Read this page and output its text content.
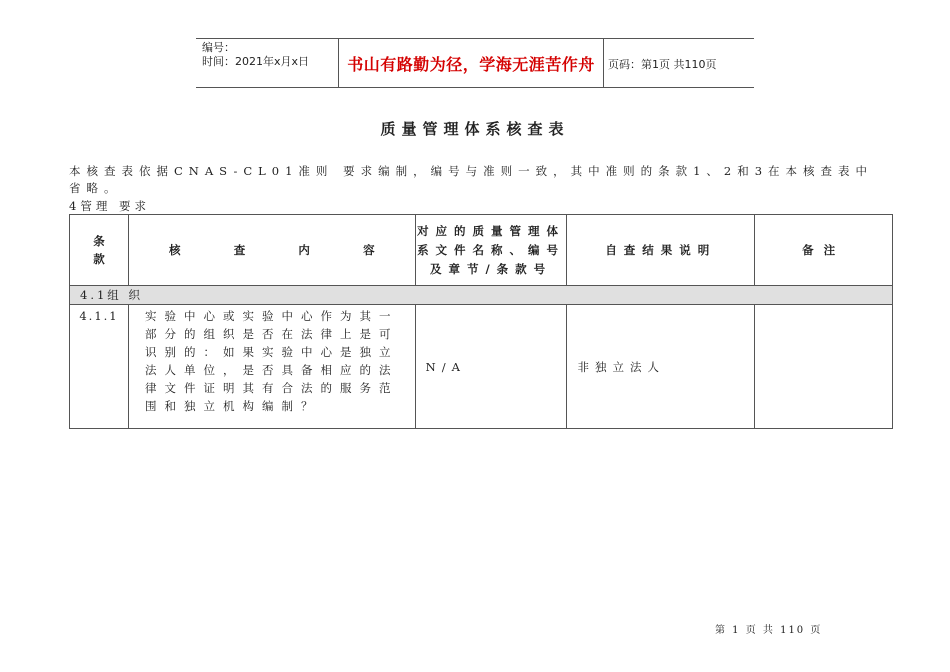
编号：
时间：2021年x月x日	书山有路勤为径，学海无涯苦作舟	页码：第1页 共110页
质量管理体系核查表
本核查表依据CNAS-CL01准则 要求编制，编号与准则一致，其中准则的条款1、2和3在本核查表中省略。
4管理 要求
条款	核 查 内 容	对应的质量管理体系文件名称、编号及章节/条款号	自查结果说明	备注
4.1组 织				
4.1.1	实验中心或实验中心作为其一部分的组织是否在法律上是可识别的：如果实验中心是独立法人单位，是否具备相应的法律文件证明其有合法的服务范围和独立机构编制？	N/A	非独立法人	
第 1 页 共 110 页
